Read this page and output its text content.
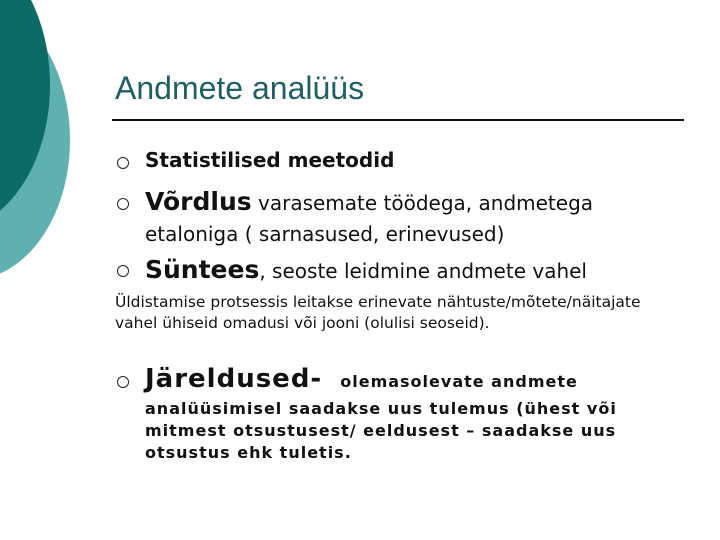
Andmete analüüs

Statistilised meetodid

Võrdlus varasemate töödega, andmetega

etaloniga ( sarnasused, erinevused)

Süntees, seoste leidmine andmete vahel

Üldistamise protsessis leitakse erinevate nähtuste/mõtete/näitajate vahel ühiseid omadusi või jooni (olulisi seoseid).

Järeldused- olemasolevate andmete

analüüsimisel saadakse uus tulemus (ühest või mitmest otsustusest/ eeldusest – saadakse uus otsustus ehk tuletis.
